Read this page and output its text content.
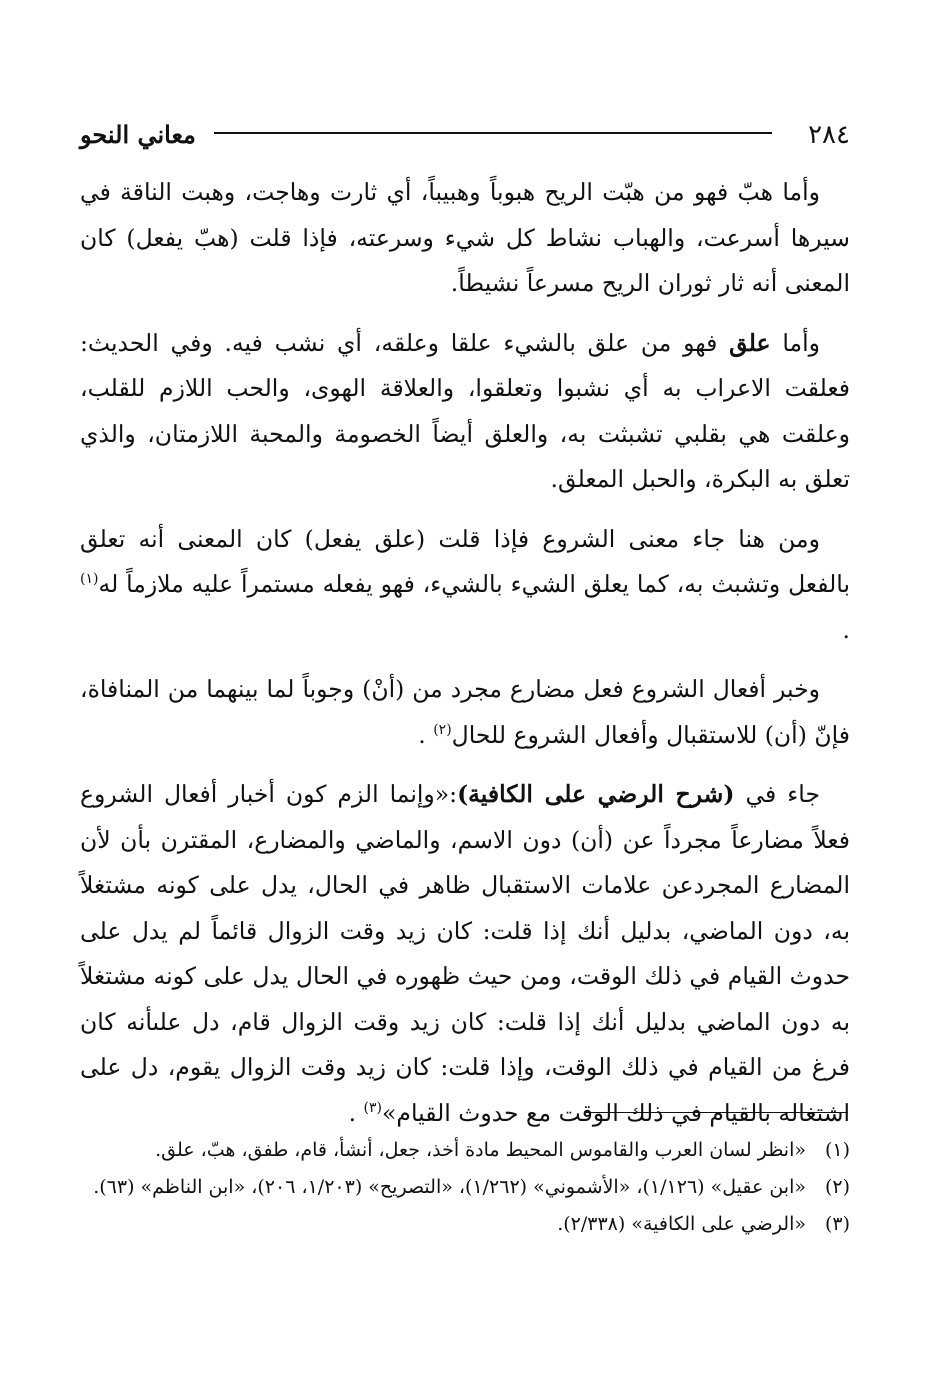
٢٨٤
معاني النحو

وأما هبّ فهو من هبّت الريح هبوباً وهبيباً، أي ثارت وهاجت، وهبت الناقة في سيرها أسرعت، والهباب نشاط كل شيء وسرعته، فإذا قلت (هبّ يفعل) كان المعنى أنه ثار ثوران الريح مسرعاً نشيطاً.

وأما علق فهو من علق بالشيء علقا وعلقه، أي نشب فيه. وفي الحديث: فعلقت الاعراب به أي نشبوا وتعلقوا، والعلاقة الهوى، والحب اللازم للقلب، وعلقت هي بقلبي تشبثت به، والعلق أيضاً الخصومة والمحبة اللازمتان، والذي تعلق به البكرة، والحبل المعلق.

ومن هنا جاء معنى الشروع فإذا قلت (علق يفعل) كان المعنى أنه تعلق بالفعل وتشبث به، كما يعلق الشيء بالشيء، فهو يفعله مستمراً عليه ملازماً له$^{(١)}$ .

وخبر أفعال الشروع فعل مضارع مجرد من (أنْ) وجوباً لما بينهما من المنافاة، فإنّ (أن) للاستقبال وأفعال الشروع للحال$^{(٢)}$ .

جاء في (شرح الرضي على الكافية):«وإنما الزم كون أخبار أفعال الشروع فعلاً مضارعاً مجرداً عن (أن) دون الاسم، والماضي والمضارع، المقترن بأن لأن المضارع المجردعن علامات الاستقبال ظاهر في الحال، يدل على كونه مشتغلاً به، دون الماضي، بدليل أنك إذا قلت: كان زيد وقت الزوال قائماً لم يدل على حدوث القيام في ذلك الوقت، ومن حيث ظهوره في الحال يدل على كونه مشتغلاً به دون الماضي بدليل أنك إذا قلت: كان زيد وقت الزوال قام، دل علىأنه كان فرغ من القيام في ذلك الوقت، وإذا قلت: كان زيد وقت الزوال يقوم، دل على اشتغاله بالقيام في ذلك الوقت مع حدوث القيام»$^{(٣)}$ .

(١)
«انظر لسان العرب والقاموس المحيط مادة أخذ، جعل، أنشأ، قام، طفق، هبّ، علق.
(٢)
«ابن عقيل» (١/١٢٦)، «الأشموني» (١/٢٦٢)، «التصريح» (١/٢٠٣، ٢٠٦)، «ابن الناظم» (٦٣).
(٣)
«الرضي على الكافية» (٢/٣٣٨).
